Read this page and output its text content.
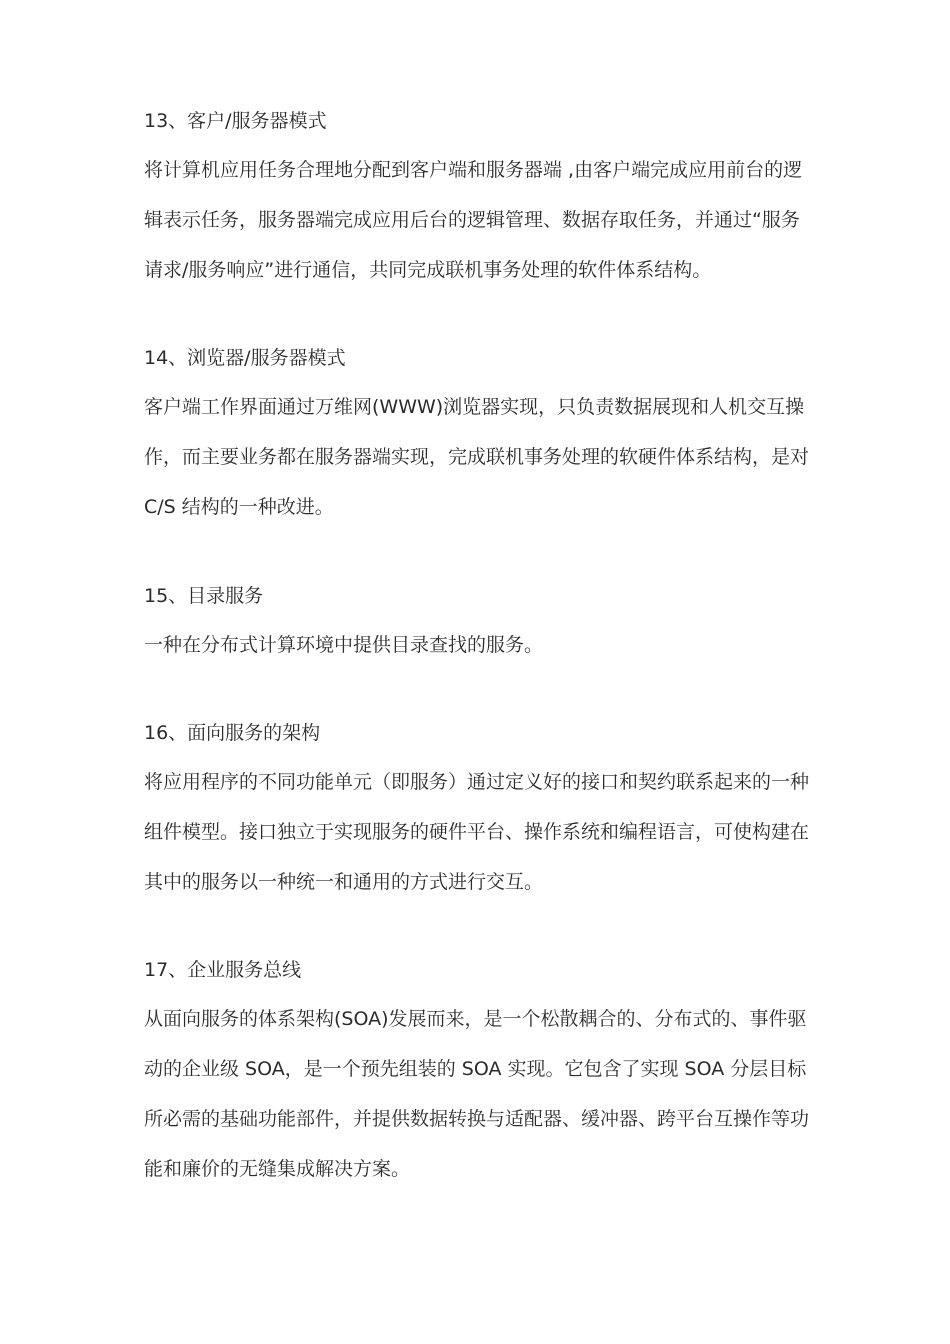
13、客户/服务器模式
将计算机应用任务合理地分配到客户端和服务器端 ,由客户端完成应用前台的逻
辑表示任务，服务器端完成应用后台的逻辑管理、数据存取任务，并通过“服务
请求/服务响应”进行通信，共同完成联机事务处理的软件体系结构。
14、浏览器/服务器模式
客户端工作界面通过万维网(WWW)浏览器实现，只负责数据展现和人机交互操
作，而主要业务都在服务器端实现，完成联机事务处理的软硬件体系结构，是对
C/S 结构的一种改进。
15、目录服务
一种在分布式计算环境中提供目录查找的服务。
16、面向服务的架构
将应用程序的不同功能单元（即服务）通过定义好的接口和契约联系起来的一种
组件模型。接口独立于实现服务的硬件平台、操作系统和编程语言，可使构建在
其中的服务以一种统一和通用的方式进行交互。
17、企业服务总线
从面向服务的体系架构(SOA)发展而来，是一个松散耦合的、分布式的、事件驱
动的企业级 SOA，是一个预先组装的 SOA 实现。它包含了实现 SOA 分层目标
所必需的基础功能部件，并提供数据转换与适配器、缓冲器、跨平台互操作等功
能和廉价的无缝集成解决方案。
